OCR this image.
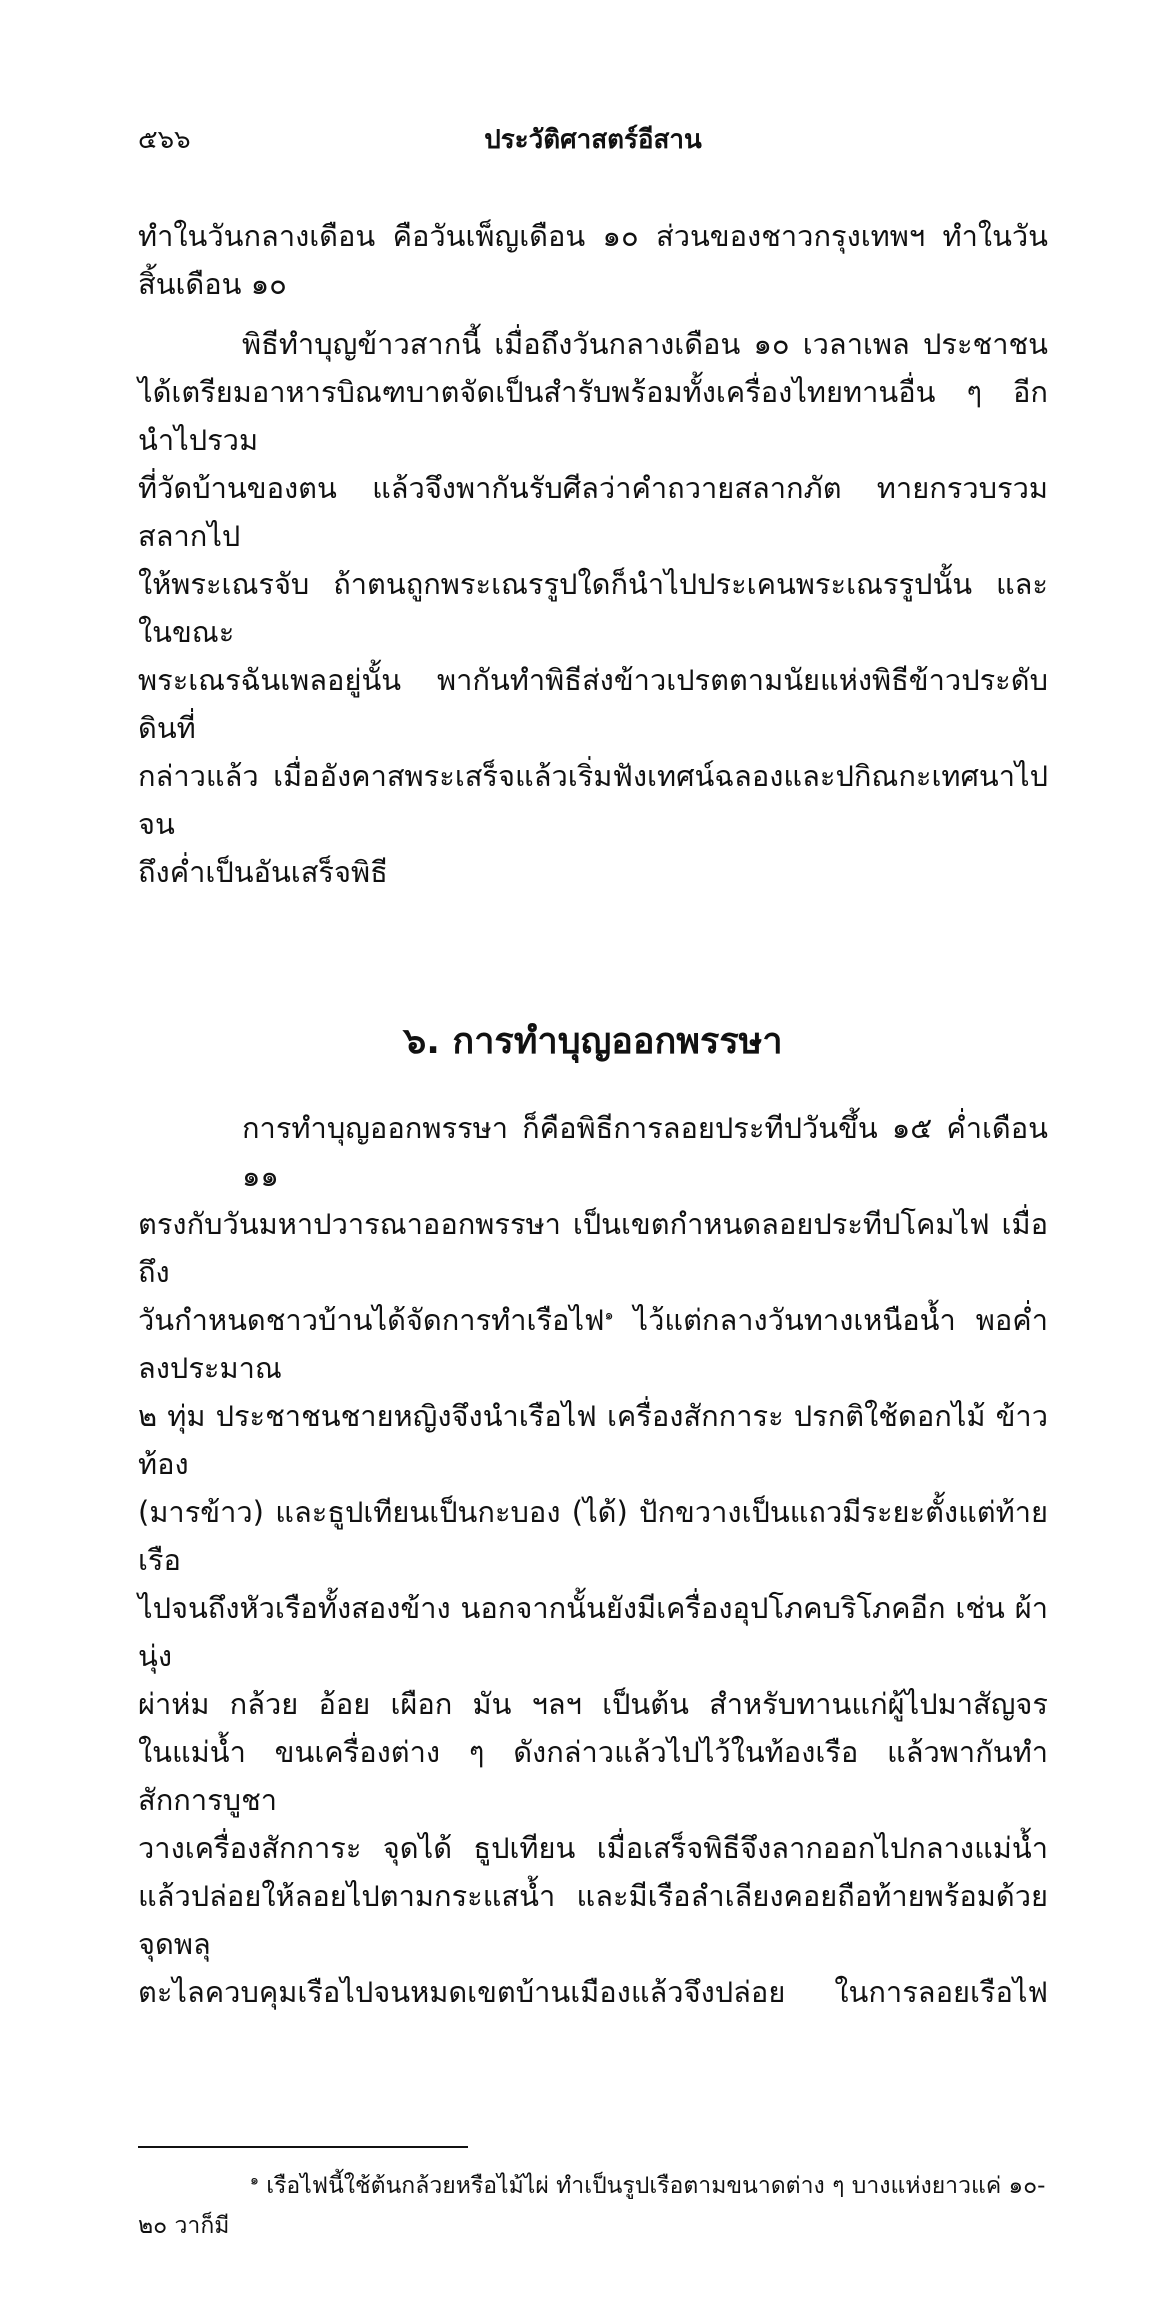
๕๖๖	ประวัติศาสตร์อีสาน
ทำในวันกลางเดือน คือวันเพ็ญเดือน ๑๐ ส่วนของชาวกรุงเทพฯ ทำในวัน
สิ้นเดือน ๑๐
พิธีทำบุญข้าวสากนี้ เมื่อถึงวันกลางเดือน ๑๐ เวลาเพล ประชาชน
ได้เตรียมอาหารบิณฑบาตจัดเป็นสำรับพร้อมทั้งเครื่องไทยทานอื่น ๆ อีก นำไปรวม
ที่วัดบ้านของตน แล้วจึงพากันรับศีลว่าคำถวายสลากภัต ทายกรวบรวมสลากไป
ให้พระเณรจับ ถ้าตนถูกพระเณรรูปใดก็นำไปประเคนพระเณรรูปนั้น และในขณะ
พระเณรฉันเพลอยู่นั้น พากันทำพิธีส่งข้าวเปรตตามนัยแห่งพิธีข้าวประดับดินที่
กล่าวแล้ว เมื่ออังคาสพระเสร็จแล้วเริ่มฟังเทศน์ฉลองและปกิณกะเทศนาไปจน
ถึงค่ำเป็นอันเสร็จพิธี
๖. การทำบุญออกพรรษา
การทำบุญออกพรรษา ก็คือพิธีการลอยประทีปวันขึ้น ๑๕ ค่ำเดือน ๑๑
ตรงกับวันมหาปวารณาออกพรรษา เป็นเขตกำหนดลอยประทีปโคมไฟ เมื่อถึง
วันกำหนดชาวบ้านได้จัดการทำเรือไฟ$^๑$ ไว้แต่กลางวันทางเหนือน้ำ พอค่ำลงประมาณ
๒ ทุ่ม ประชาชนชายหญิงจึงนำเรือไฟ เครื่องสักการะ ปรกติใช้ดอกไม้ ข้าวท้อง
(มารข้าว) และธูปเทียนเป็นกะบอง (ได้) ปักขวางเป็นแถวมีระยะตั้งแต่ท้ายเรือ
ไปจนถึงหัวเรือทั้งสองข้าง นอกจากนั้นยังมีเครื่องอุปโภคบริโภคอีก เช่น ผ้านุ่ง
ผ่าห่ม กล้วย อ้อย เผือก มัน ฯลฯ เป็นต้น สำหรับทานแก่ผู้ไปมาสัญจร
ในแม่น้ำ ขนเครื่องต่าง ๆ ดังกล่าวแล้วไปไว้ในท้องเรือ แล้วพากันทำสักการบูชา
วางเครื่องสักการะ จุดได้ ธูปเทียน เมื่อเสร็จพิธีจึงลากออกไปกลางแม่น้ำ
แล้วปล่อยให้ลอยไปตามกระแสน้ำ และมีเรือลำเลียงคอยถือท้ายพร้อมด้วยจุดพลุ
ตะไลควบคุมเรือไปจนหมดเขตบ้านเมืองแล้วจึงปล่อย ในการลอยเรือไฟ
$^๑$ เรือไฟนี้ใช้ต้นกล้วยหรือไม้ไผ่ ทำเป็นรูปเรือตามขนาดต่าง ๆ บางแห่งยาวแค่ ๑๐-
๒๐ วาก็มี
